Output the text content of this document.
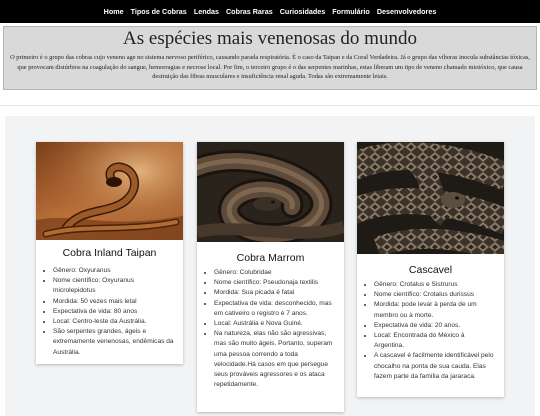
Home Tipos de Cobras Lendas Cobras Raras Curiosidades Formulário Desenvolvedores
As espécies mais venenosas do mundo

O primeiro é o grupo das cobras cujo veneno age no sistema nervoso periférico, causando parada respiratória. É o caso da Taipan e da Coral Verdadeira. Já o grupo das víboras inocula substâncias tóxicas, que provocam distúrbios na coagulação do sangue, hemorragias e necrose local. Por fim, o terceiro grupo é o das serpentes marinhas, estas liberam um tipo de veneno chamado miotóxico, que causa destruição das fibras musculares e insuficiência renal aguda. Todas são extremamente letais.

Cobra Inland Taipan
• Gênero: Oxyuranus
• Nome científico: Oxyuranus microlepidotus
• Mordida: 50 vezes mais letal
• Expectativa de vida: 80 anos
• Local: Centro-leste da Austrália.
• São serpentes grandes, ágeis e extremamente venenosas, endêmicas da Austrália.
Cobra Marrom
• Gênero: Colubridae
• Nome científico: Pseudonaja textilis
• Mordida: Sua picada é fatal
• Expectativa de vida: desconhecido, mas em cativeiro o registro é 7 anos.
• Local: Austrália e Nova Guiné.
• Na natureza, elas não são agressivas, mas são muito ágeis. Portanto, superam uma pessoa correndo a toda velocidade.Há casos em que persegue seus prováveis agressores e os ataca repetidamente.
Cascavel
• Gênero: Crotalus e Sistrurus
• Nome científico: Crotalus durissus
• Mordida: pode levar à perda de um membro ou à morte.
• Expectativa de vida: 20 anos.
• Local: Encontrada do México à Argentina.
• A cascavel é facilmente identificável pelo chocalho na ponta de sua cauda. Elas fazem parte da família da jararaca.
